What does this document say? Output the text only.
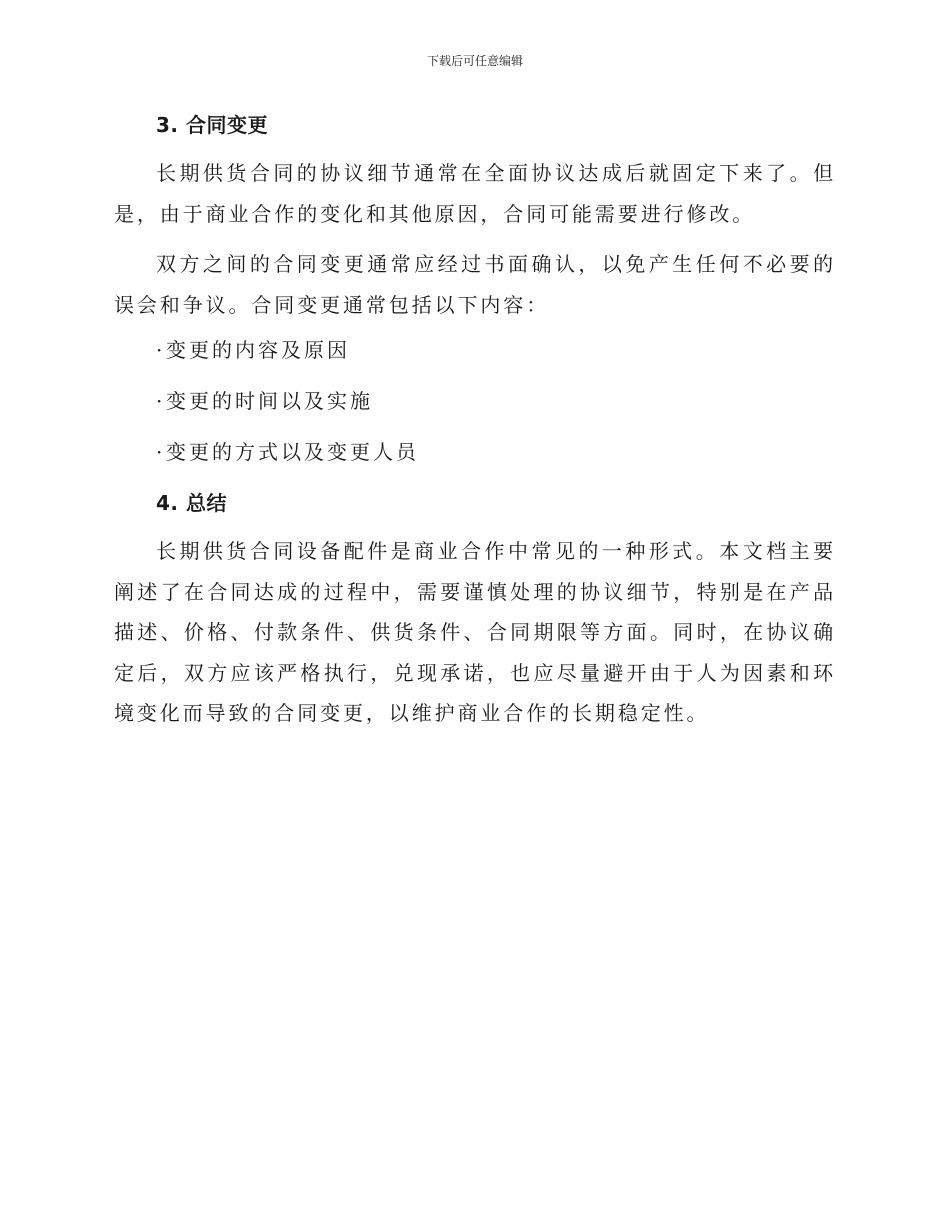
下载后可任意编辑
3. 合同变更

长期供货合同的协议细节通常在全面协议达成后就固定下来了。但是，由于商业合作的变化和其他原因，合同可能需要进行修改。

双方之间的合同变更通常应经过书面确认，以免产生任何不必要的误会和争议。合同变更通常包括以下内容：

· 变更的内容及原因
· 变更的时间以及实施
· 变更的方式以及变更人员
4. 总结

长期供货合同设备配件是商业合作中常见的一种形式。本文档主要阐述了在合同达成的过程中，需要谨慎处理的协议细节，特别是在产品描述、价格、付款条件、供货条件、合同期限等方面。同时，在协议确定后，双方应该严格执行，兑现承诺，也应尽量避开由于人为因素和环境变化而导致的合同变更，以维护商业合作的长期稳定性。
